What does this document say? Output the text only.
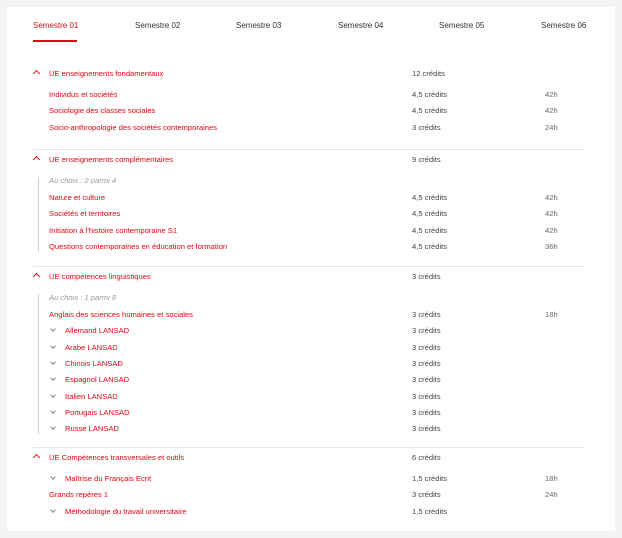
Semestre 01	Semestre 02	Semestre 03	Semestre 04	Semestre 05	Semestre 06
UE enseignements fondamentaux	12 crédits
Individus et sociétés	4,5 crédits	42h
Sociologie des classes sociales	4,5 crédits	42h
Socio-anthropologie des sociétés contemporaines	3 crédits	24h
UE enseignements complémentaires	9 crédits
Au choix : 2 parmi 4
Nature et culture	4,5 crédits	42h
Sociétés et territoires	4,5 crédits	42h
Initiation à l'histoire contemporaine S1	4,5 crédits	42h
Questions contemporaines en éducation et formation	4,5 crédits	36h
UE compétences linguistiques	3 crédits
Au choix : 1 parmi 8
Anglais des sciences humaines et sociales	3 crédits	18h
Allemand LANSAD	3 crédits
Arabe LANSAD	3 crédits
Chinois LANSAD	3 crédits
Espagnol LANSAD	3 crédits
Italien LANSAD	3 crédits
Portugais LANSAD	3 crédits
Russe LANSAD	3 crédits
UE Compétences transversales et outils	6 crédits
Maîtrise du Français Ecrit	1,5 crédits	18h
Grands repères 1	3 crédits	24h
Méthodologie du travail universitaire	1,5 crédits
